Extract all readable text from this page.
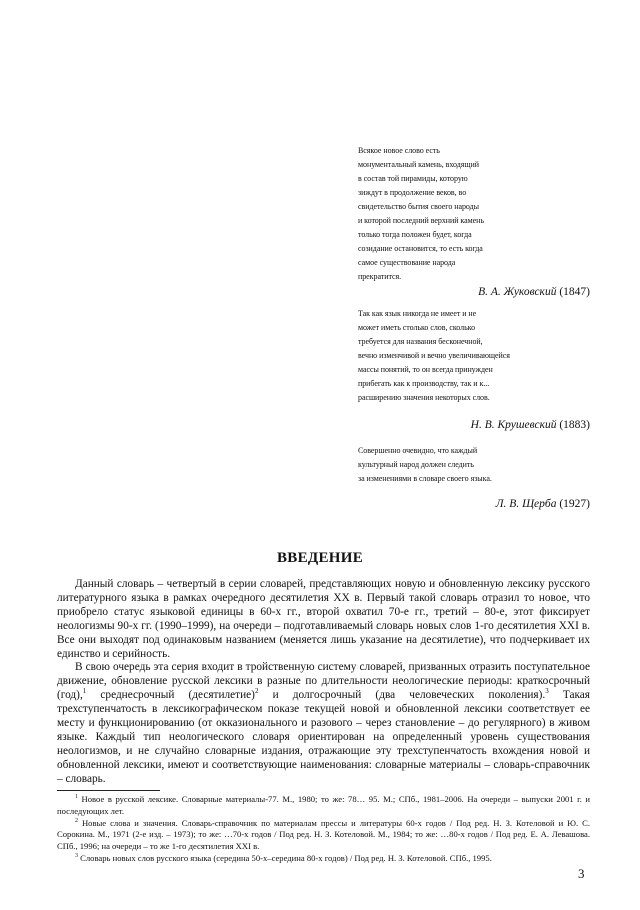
Всякое новое слово есть
монументальный камень, входящий
в состав той пирамиды, которую
зиждут в продолжение веков, во
свидетельство бытия своего народы
и которой последний верхний камень
только тогда положен будет, когда
созидание остановится, то есть когда
самое существование народа
прекратится.
В. А. Жуковский (1847)
Так как язык никогда не имеет и не
может иметь столько слов, сколько
требуется для названия бесконечной,
вечно изменчивой и вечно увеличивающейся
массы понятий, то он всегда принужден
прибегать как к производству, так и к...
расширению значения некоторых слов.
Н. В. Крушевский (1883)
Совершенно очевидно, что каждый
культурный народ должен следить
за изменениями в словаре своего языка.
Л. В. Щерба (1927)
ВВЕДЕНИЕ

Данный словарь – четвертый в серии словарей, представляющих новую и обновленную лексику русского литературного языка в рамках очередного десятилетия XX в. Первый такой словарь отразил то новое, что приобрело статус языковой единицы в 60-х гг., второй охватил 70-е гг., третий – 80-е, этот фиксирует неологизмы 90-х гг. (1990–1999), на очереди – подготавливаемый словарь новых слов 1-го десятилетия XXI в. Все они выходят под одинаковым названием (меняется лишь указание на десятилетие), что подчеркивает их единство и серийность.

В свою очередь эта серия входит в тройственную систему словарей, призванных отразить поступательное движение, обновление русской лексики в разные по длительности неологические периоды: краткосрочный (год),$^1$ среднесрочный (десятилетие)$^2$ и долгосрочный (два человеческих поколения).$^3$ Такая трехступенчатость в лексикографическом показе текущей новой и обновленной лексики соответствует ее месту и функционированию (от окказионального и разового – через становление – до регулярного) в живом языке. Каждый тип неологического словаря ориентирован на определенный уровень существования неологизмов, и не случайно словарные издания, отражающие эту трехступенчатость вхождения новой и обновленной лексики, имеют и соответствующие наименования: словарные материалы – словарь-справочник – словарь.

$^1$ Новое в русской лексике. Словарные материалы-77. М., 1980; то же: 78… 95. М.; СПб., 1981–2006. На очереди – выпуски 2001 г. и последующих лет.

$^2$ Новые слова и значения. Словарь-справочник по материалам прессы и литературы 60-х годов / Под ред. Н. З. Котеловой и Ю. С. Сорокина. М., 1971 (2-е изд. – 1973); то же: …70-х годов / Под ред. Н. З. Котеловой. М., 1984; то же: …80-х годов / Под ред. Е. А. Левашова. СПб., 1996; на очереди – то же 1-го десятилетия XXI в.

$^3$ Словарь новых слов русского языка (середина 50-х–середина 80-х годов) / Под ред. Н. З. Котеловой. СПб., 1995.

3
